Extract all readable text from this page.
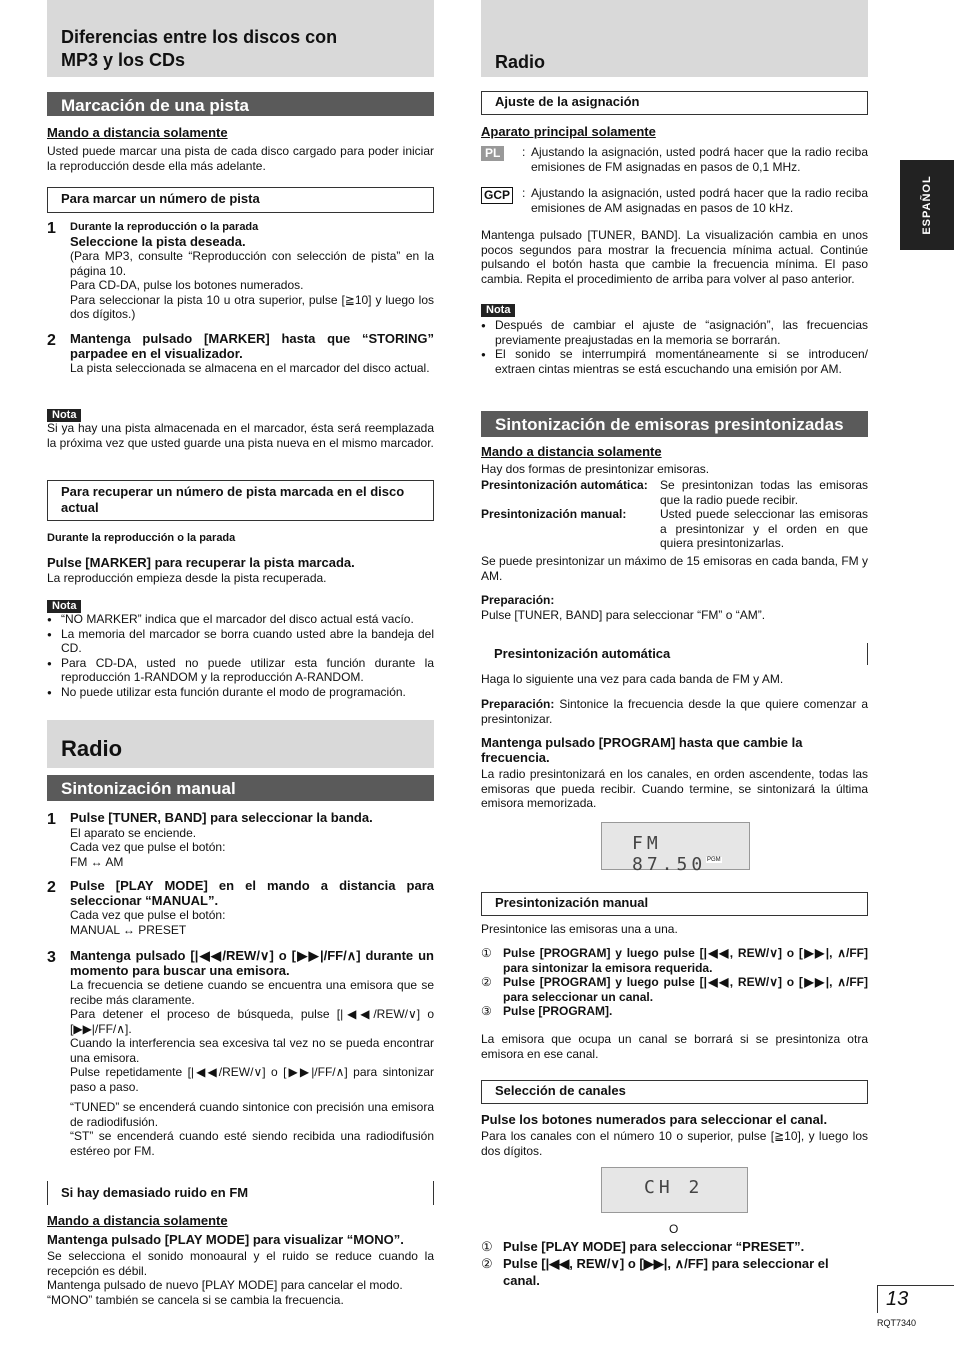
Diferencias entre los discos con
MP3 y los CDs
Marcación de una pista
Mando a distancia solamente
Usted puede marcar una pista de cada disco cargado para poder iniciar la reproducción desde ella más adelante.
Para marcar un número de pista
1 Durante la reproducción o la parada
Seleccione la pista deseada.
(Para MP3, consulte “Reproducción con selección de pista” en la página 10.
Para CD-DA, pulse los botones numerados.
Para seleccionar la pista 10 u otra superior, pulse [≧10] y luego los dos dígitos.)
2 Mantenga pulsado [MARKER] hasta que “STORING” parpadee en el visualizador.
La pista seleccionada se almacena en el marcador del disco actual.
Nota
Si ya hay una pista almacenada en el marcador, ésta será reemplazada la próxima vez que usted guarde una pista nueva en el mismo marcador.
Para recuperar un número de pista marcada en el disco actual
Durante la reproducción o la parada
Pulse [MARKER] para recuperar la pista marcada.
La reproducción empieza desde la pista recuperada.
Nota
● “NO MARKER” indica que el marcador del disco actual está vacío.
● La memoria del marcador se borra cuando usted abre la bandeja del CD.
● Para CD-DA, usted no puede utilizar esta función durante la reproducción 1-RANDOM y la reproducción A-RANDOM.
● No puede utilizar esta función durante el modo de programación.
Radio
Sintonización manual
1 Pulse [TUNER, BAND] para seleccionar la banda.
El aparato se enciende.
Cada vez que pulse el botón:
FM ↔ AM
2 Pulse [PLAY MODE] en el mando a distancia para seleccionar “MANUAL”.
Cada vez que pulse el botón:
MANUAL ↔ PRESET
3 Mantenga pulsado [|◀◀/REW/∨] o [▶▶|/FF/∧] durante un momento para buscar una emisora.
La frecuencia se detiene cuando se encuentra una emisora que se recibe más claramente.
Para detener el proceso de búsqueda, pulse [|◀◀/REW/∨] o [▶▶|/FF/∧].
Cuando la interferencia sea excesiva tal vez no se pueda encontrar una emisora.
Pulse repetidamente [|◀◀/REW/∨] o [▶▶|/FF/∧] para sintonizar paso a paso.
“TUNED” se encenderá cuando sintonice con precisión una emisora de radiodifusión.
“ST” se encenderá cuando esté siendo recibida una radiodifusión estéreo por FM.
Si hay demasiado ruido en FM
Mando a distancia solamente
Mantenga pulsado [PLAY MODE] para visualizar “MONO”.
Se selecciona el sonido monoaural y el ruido se reduce cuando la recepción es débil.
Mantenga pulsado de nuevo [PLAY MODE] para cancelar el modo.
“MONO” también se cancela si se cambia la frecuencia.
Radio
Ajuste de la asignación
Aparato principal solamente
PL	: Ajustando la asignación, usted podrá hacer que la radio reciba emisiones de FM asignadas en pasos de 0,1 MHz.
GCP : Ajustando la asignación, usted podrá hacer que la radio reciba emisiones de AM asignadas en pasos de 10 kHz.
Mantenga pulsado [TUNER, BAND]. La visualización cambia en unos pocos segundos para mostrar la frecuencia mínima actual. Continúe pulsando el botón hasta que cambie la frecuencia mínima. El paso cambia. Repita el procedimiento de arriba para volver al paso anterior.
Nota
● Después de cambiar el ajuste de “asignación”, las frecuencias previamente preajustadas en la memoria se borrarán.
● El sonido se interrumpirá momentáneamente si se introducen/ extraen cintas mientras se está escuchando una emisión por AM.
Sintonización de emisoras presintonizadas
Mando a distancia solamente
Hay dos formas de presintonizar emisoras.
Presintonización automática: Se presintonizan todas las emisoras que la radio puede recibir.
Presintonización manual:	Usted puede seleccionar las emisoras a presintonizar y el orden en que quiera presintonizarlas.
Se puede presintonizar un máximo de 15 emisoras en cada banda, FM y AM.
Preparación:
Pulse [TUNER, BAND] para seleccionar “FM” o “AM”.
Presintonización automática
Haga lo siguiente una vez para cada banda de FM y AM.
Preparación: Sintonice la frecuencia desde la que quiere comenzar a presintonizar.
Mantenga pulsado [PROGRAM] hasta que cambie la frecuencia.
La radio presintonizará en los canales, en orden ascendente, todas las emisoras que pueda recibir. Cuando termine, se sintonizará la última emisora memorizada.
FM 87.50 PGM
Presintonización manual
Presintonice las emisoras una a una.
① Pulse [PROGRAM] y luego pulse [|◀◀, REW/∨] o [▶▶|, ∧/FF] para sintonizar la emisora requerida.
② Pulse [PROGRAM] y luego pulse [|◀◀, REW/∨] o [▶▶|, ∧/FF] para seleccionar un canal.
③ Pulse [PROGRAM].
La emisora que ocupa un canal se borrará si se presintoniza otra emisora en ese canal.
Selección de canales
Pulse los botones numerados para seleccionar el canal.
Para los canales con el número 10 o superior, pulse [≧10], y luego los dos dígitos.
CH 2
O
① Pulse [PLAY MODE] para seleccionar “PRESET”.
② Pulse [|◀◀, REW/∨] o [▶▶|, ∧/FF] para seleccionar el canal.
ESPAÑOL
13
RQT7340
